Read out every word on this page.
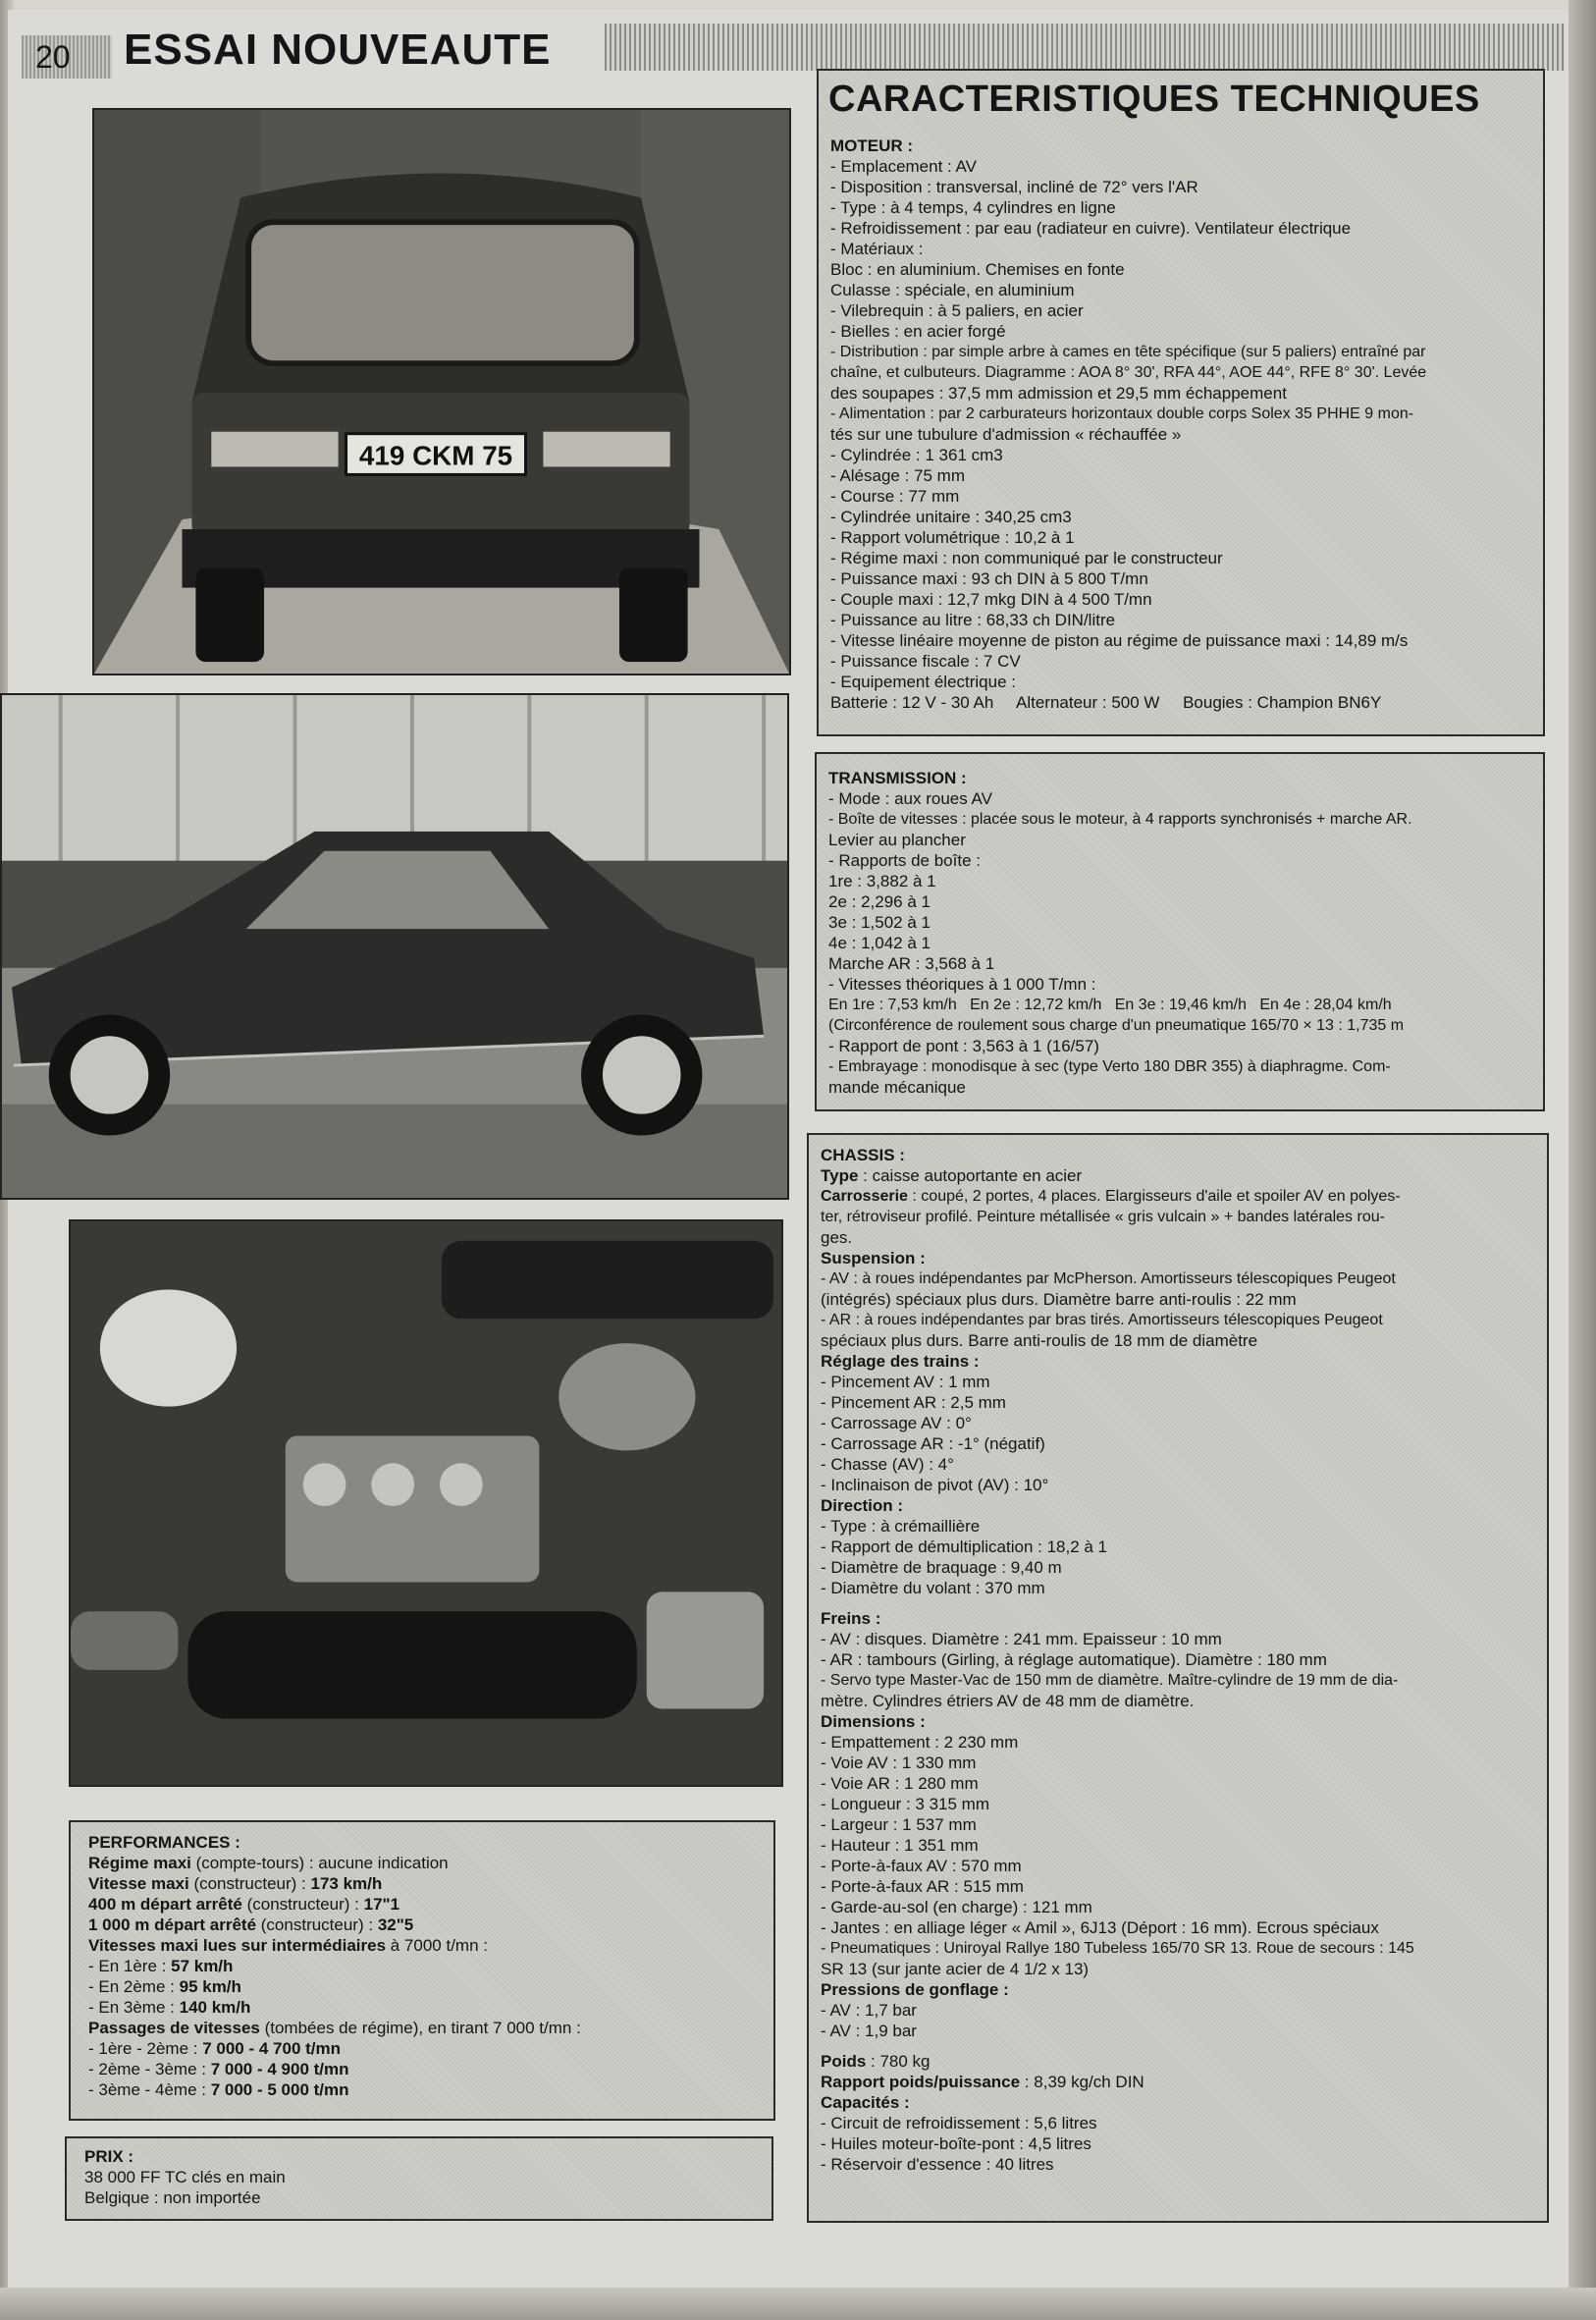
20	ESSAI NOUVEAUTE
419 CKM 75
CARACTERISTIQUES TECHNIQUES
MOTEUR :
- Emplacement : AV
- Disposition : transversal, incliné de 72° vers l'AR
- Type : à 4 temps, 4 cylindres en ligne
- Refroidissement : par eau (radiateur en cuivre). Ventilateur électrique
- Matériaux :
Bloc : en aluminium. Chemises en fonte
Culasse : spéciale, en aluminium
- Vilebrequin : à 5 paliers, en acier
- Bielles : en acier forgé
- Distribution : par simple arbre à cames en tête spécifique (sur 5 paliers) entraîné par
chaîne, et culbuteurs. Diagramme : AOA 8° 30', RFA 44°, AOE 44°, RFE 8° 30'. Levée
des soupapes : 37,5 mm admission et 29,5 mm échappement
- Alimentation : par 2 carburateurs horizontaux double corps Solex 35 PHHE 9 mon-
tés sur une tubulure d'admission « réchauffée »
- Cylindrée : 1 361 cm3
- Alésage : 75 mm
- Course : 77 mm
- Cylindrée unitaire : 340,25 cm3
- Rapport volumétrique : 10,2 à 1
- Régime maxi : non communiqué par le constructeur
- Puissance maxi : 93 ch DIN à 5 800 T/mn
- Couple maxi : 12,7 mkg DIN à 4 500 T/mn
- Puissance au litre : 68,33 ch DIN/litre
- Vitesse linéaire moyenne de piston au régime de puissance maxi : 14,89 m/s
- Puissance fiscale : 7 CV
- Equipement électrique :
Batterie : 12 V - 30 Ah     Alternateur : 500 W     Bougies : Champion BN6Y
TRANSMISSION :
- Mode : aux roues AV
- Boîte de vitesses : placée sous le moteur, à 4 rapports synchronisés + marche AR.
Levier au plancher
- Rapports de boîte :
1re : 3,882 à 1
2e : 2,296 à 1
3e : 1,502 à 1
4e : 1,042 à 1
Marche AR : 3,568 à 1
- Vitesses théoriques à 1 000 T/mn :
En 1re : 7,53 km/h   En 2e : 12,72 km/h   En 3e : 19,46 km/h   En 4e : 28,04 km/h
(Circonférence de roulement sous charge d'un pneumatique 165/70 × 13 : 1,735 m
- Rapport de pont : 3,563 à 1 (16/57)
- Embrayage : monodisque à sec (type Verto 180 DBR 355) à diaphragme. Com-
mande mécanique
CHASSIS :
Type : caisse autoportante en acier
Carrosserie : coupé, 2 portes, 4 places. Elargisseurs d'aile et spoiler AV en polyes-
ter, rétroviseur profilé. Peinture métallisée « gris vulcain » + bandes latérales rou-
ges.
Suspension :
- AV : à roues indépendantes par McPherson. Amortisseurs télescopiques Peugeot
(intégrés) spéciaux plus durs. Diamètre barre anti-roulis : 22 mm
- AR : à roues indépendantes par bras tirés. Amortisseurs télescopiques Peugeot
spéciaux plus durs. Barre anti-roulis de 18 mm de diamètre
Réglage des trains :
- Pincement AV : 1 mm
- Pincement AR : 2,5 mm
- Carrossage AV : 0°
- Carrossage AR : -1° (négatif)
- Chasse (AV) : 4°
- Inclinaison de pivot (AV) : 10°
Direction :
- Type : à crémaillière
- Rapport de démultiplication : 18,2 à 1
- Diamètre de braquage : 9,40 m
- Diamètre du volant : 370 mm
Freins :
- AV : disques. Diamètre : 241 mm. Epaisseur : 10 mm
- AR : tambours (Girling, à réglage automatique). Diamètre : 180 mm
- Servo type Master-Vac de 150 mm de diamètre. Maître-cylindre de 19 mm de dia-
mètre. Cylindres étriers AV de 48 mm de diamètre.
Dimensions :
- Empattement : 2 230 mm
- Voie AV : 1 330 mm
- Voie AR : 1 280 mm
- Longueur : 3 315 mm
- Largeur : 1 537 mm
- Hauteur : 1 351 mm
- Porte-à-faux AV : 570 mm
- Porte-à-faux AR : 515 mm
- Garde-au-sol (en charge) : 121 mm
- Jantes : en alliage léger « Amil », 6J13 (Déport : 16 mm). Ecrous spéciaux
- Pneumatiques : Uniroyal Rallye 180 Tubeless 165/70 SR 13. Roue de secours : 145
SR 13 (sur jante acier de 4 1/2 x 13)
Pressions de gonflage :
- AV : 1,7 bar
- AV : 1,9 bar
Poids : 780 kg
Rapport poids/puissance : 8,39 kg/ch DIN
Capacités :
- Circuit de refroidissement : 5,6 litres
- Huiles moteur-boîte-pont : 4,5 litres
- Réservoir d'essence : 40 litres
PERFORMANCES :
Régime maxi (compte-tours) : aucune indication
Vitesse maxi (constructeur) : 173 km/h
400 m départ arrêté (constructeur) : 17"1
1 000 m départ arrêté (constructeur) : 32"5
Vitesses maxi lues sur intermédiaires à 7000 t/mn :
- En 1ère : 57 km/h
- En 2ème : 95 km/h
- En 3ème : 140 km/h
Passages de vitesses (tombées de régime), en tirant 7 000 t/mn :
- 1ère - 2ème : 7 000 - 4 700 t/mn
- 2ème - 3ème : 7 000 - 4 900 t/mn
- 3ème - 4ème : 7 000 - 5 000 t/mn
PRIX :
38 000 FF TC clés en main
Belgique : non importée
